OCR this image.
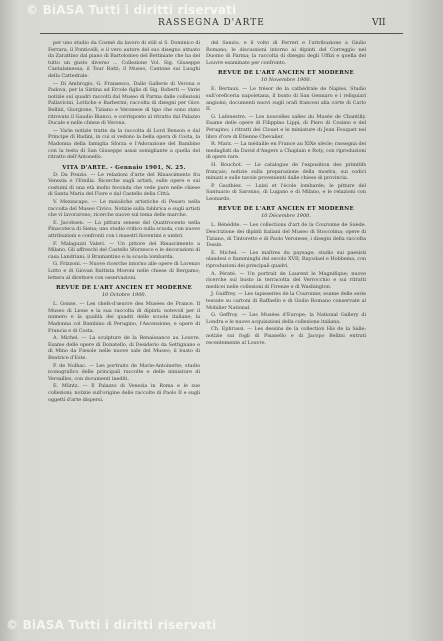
© BiASA Tutti i diritti riservati
RASSEGNA D'ARTE	VII

per uno studio da Cosmè da lavoro di stili si S. Dominico di Ferrara, il Ponticelli, e il vero autore del suo disegno attuato da Zarattino dal piano di Bartolomeo del Bettiniate che ha del tutto un gusto diverso ... Collezione Vol. Sig. Giuseppe Cantalamessa, il Tour Ratti; il Museo, Cantone sui Luoghi della Cattedrale.

— Di Ambrogio, G. Fransesco, Dalle Gallerie di Verona e Padova, per la Sistina ad Ercole figlio di Sig. Roberti — Varie notizie sui quadri raccolti dal Museo di Parma dalle collezioni Pallavicini, Lottiche e Barberini; raccolta di disegni per Giov. Bellini, Giorgione, Tiziano e Veronese di tipo che sono stato ritrovato il Gaudio Bianco, e corrisposto al ritratto dal Palazzo Ducale e nelle chiese di Verona.

— Varie notizie tratte da la raccolta di Lord Benson e dal Principe di Rudinì, in cui si vedono la bella opera di Costa, la Madonna della famiglia Sforza e l'Adorazione del Bambino con la testa di San Giuseppe assai somigliante a quella del ritratto dell'Antonello.

VITA D'ARTE. - Gennaio 1901, N. 25.

D. Da Ponzio. — Le relazioni d'arte del Rinascimento fra Venezia e l'Emilia. Ricerche sugli artisti, sulle opere e sui costumi di una età molto feconda che vede pure nelle chiese di Santa Maria del Fiore e dal Castello della Città.

V. Mezzacapo. — Le maioliche artistiche di Pesaro nella raccolta del Museo Civico. Notizie sulla fabbrica e sugli artisti che vi lavorarono; ricerche nuove sul tema delle marche.

E. Jacobsen. — La pittura senese del Quattrocento nella Pinacoteca di Siena; uno studio critico sulla scuola, con nuove attribuzioni e confronti con i maestri fiorentini e umbri.

F. Malaguzzi Valeri. — Un pittore del Rinascimento a Milano. Gli affreschi del Castello Sforzesco e le decorazioni di casa Landriani; il Bramantino e la scuola lombarda.

G. Frizzoni. — Nuove ricerche intorno alle opere di Lorenzo Lotto e di Giovan Battista Moroni nelle chiese di Bergamo; lettera al direttore con osservazioni.

REVUE DE L'ART ANCIEN ET MODERNE

10 Octobre 1900.

L. Gonse. — Les chefs-d'œuvre des Musées de France. Il Museo di Lione e la sua raccolta di dipinti: notevoli per il numero e la qualità dei quadri delle scuole italiane; la Madonna col Bambino di Perugino, l'Ascensione, e opere di Francia e di Costa.

A. Michel. — La sculpture de la Renaissance au Louvre. Esame delle opere di Donatello, di Desiderio da Settignano e di Mino da Fiesole nelle nuove sale del Museo; il busto di Beatrice d'Este.

P. de Nolhac. — Les portraits de Marie-Antoinette; studio iconografico delle principali raccolte e delle miniature di Versailles, con documenti inediti.

E. Müntz. — Il Palazzo di Venezia in Roma e le sue collezioni; notizie sull'origine delle raccolte di Paolo II e sugli oggetti d'arte dispersi.

del Sanzio, e il volto di Ferreri e l'attribuzione a Giulio Romano; le discussioni intorno ai dipinti del Correggio nel Duomo di Parma; la raccolta di disegni degli Uffizi e quella del Louvre esaminate per confronto.

REVUE DE L'ART ANCIEN ET MODERNE

10 Novembre 1900.

E. Bertaux. — Le trésor de la cathédrale de Naples. Studio sull'oreficeria napoletana, il busto di San Gennaro e i reliquiari angioini; documenti nuovi sugli orafi francesi alla corte di Carlo II.

G. Lafenestre. — Les nouvelles salles du Musée de Chantilly. Esame delle opere di Filippino Lippi, di Piero di Cosimo e del Perugino; i ritratti dei Clouet e le miniature di Jean Fouquet nel libro d'ore di Étienne Chevalier.

R. Marx. — La médaille en France au XIXe siècle; rassegna dei medaglisti da David d'Angers a Chaplain e Roty, con riproduzioni di opere rare.

H. Bouchot. — Le catalogue de l'exposition des primitifs français; notizie sulla preparazione della mostra, sui codici miniati e sulle tavole provenienti dalle chiese di provincia.

P. Gauthiez. — Luini et l'école lombarde; le pitture del Santuario di Saronno, di Lugano e di Milano, e le relazioni con Leonardo.

REVUE DE L'ART ANCIEN ET MODERNE

10 Décembre 1900.

L. Bénédite. — Les collections d'art de la Couronne de Suède. Descrizione dei dipinti italiani del Museo di Stoccolma; opere di Tiziano, di Tintoretto e di Paolo Veronese; i disegni della raccolta Tessin.

E. Michel. — Les maîtres du paysage; studio sui paesisti olandesi e fiamminghi del secolo XVII, Ruysdael e Hobbema, con riproduzioni dei principali quadri.

A. Pératé. — Un portrait de Laurent le Magnifique; nuove ricerche sul busto in terracotta del Verrocchio e sui ritratti medicei nelle collezioni di Firenze e di Washington.

J. Guiffrey. — Les tapisseries de la Couronne; esame delle serie tessute su cartoni di Raffaello e di Giulio Romano conservate al Mobilier National.

G. Geffroy. — Les Musées d'Europe; la National Gallery di Londra e le nuove acquisizioni della collezione italiana.

Ch. Ephrussi. — Les dessins de la collection His de la Salle; notizie sui fogli di Pisanello e di Jacopo Bellini entrati recentemente al Louvre.

© BiASA Tutti i diritti riservati
